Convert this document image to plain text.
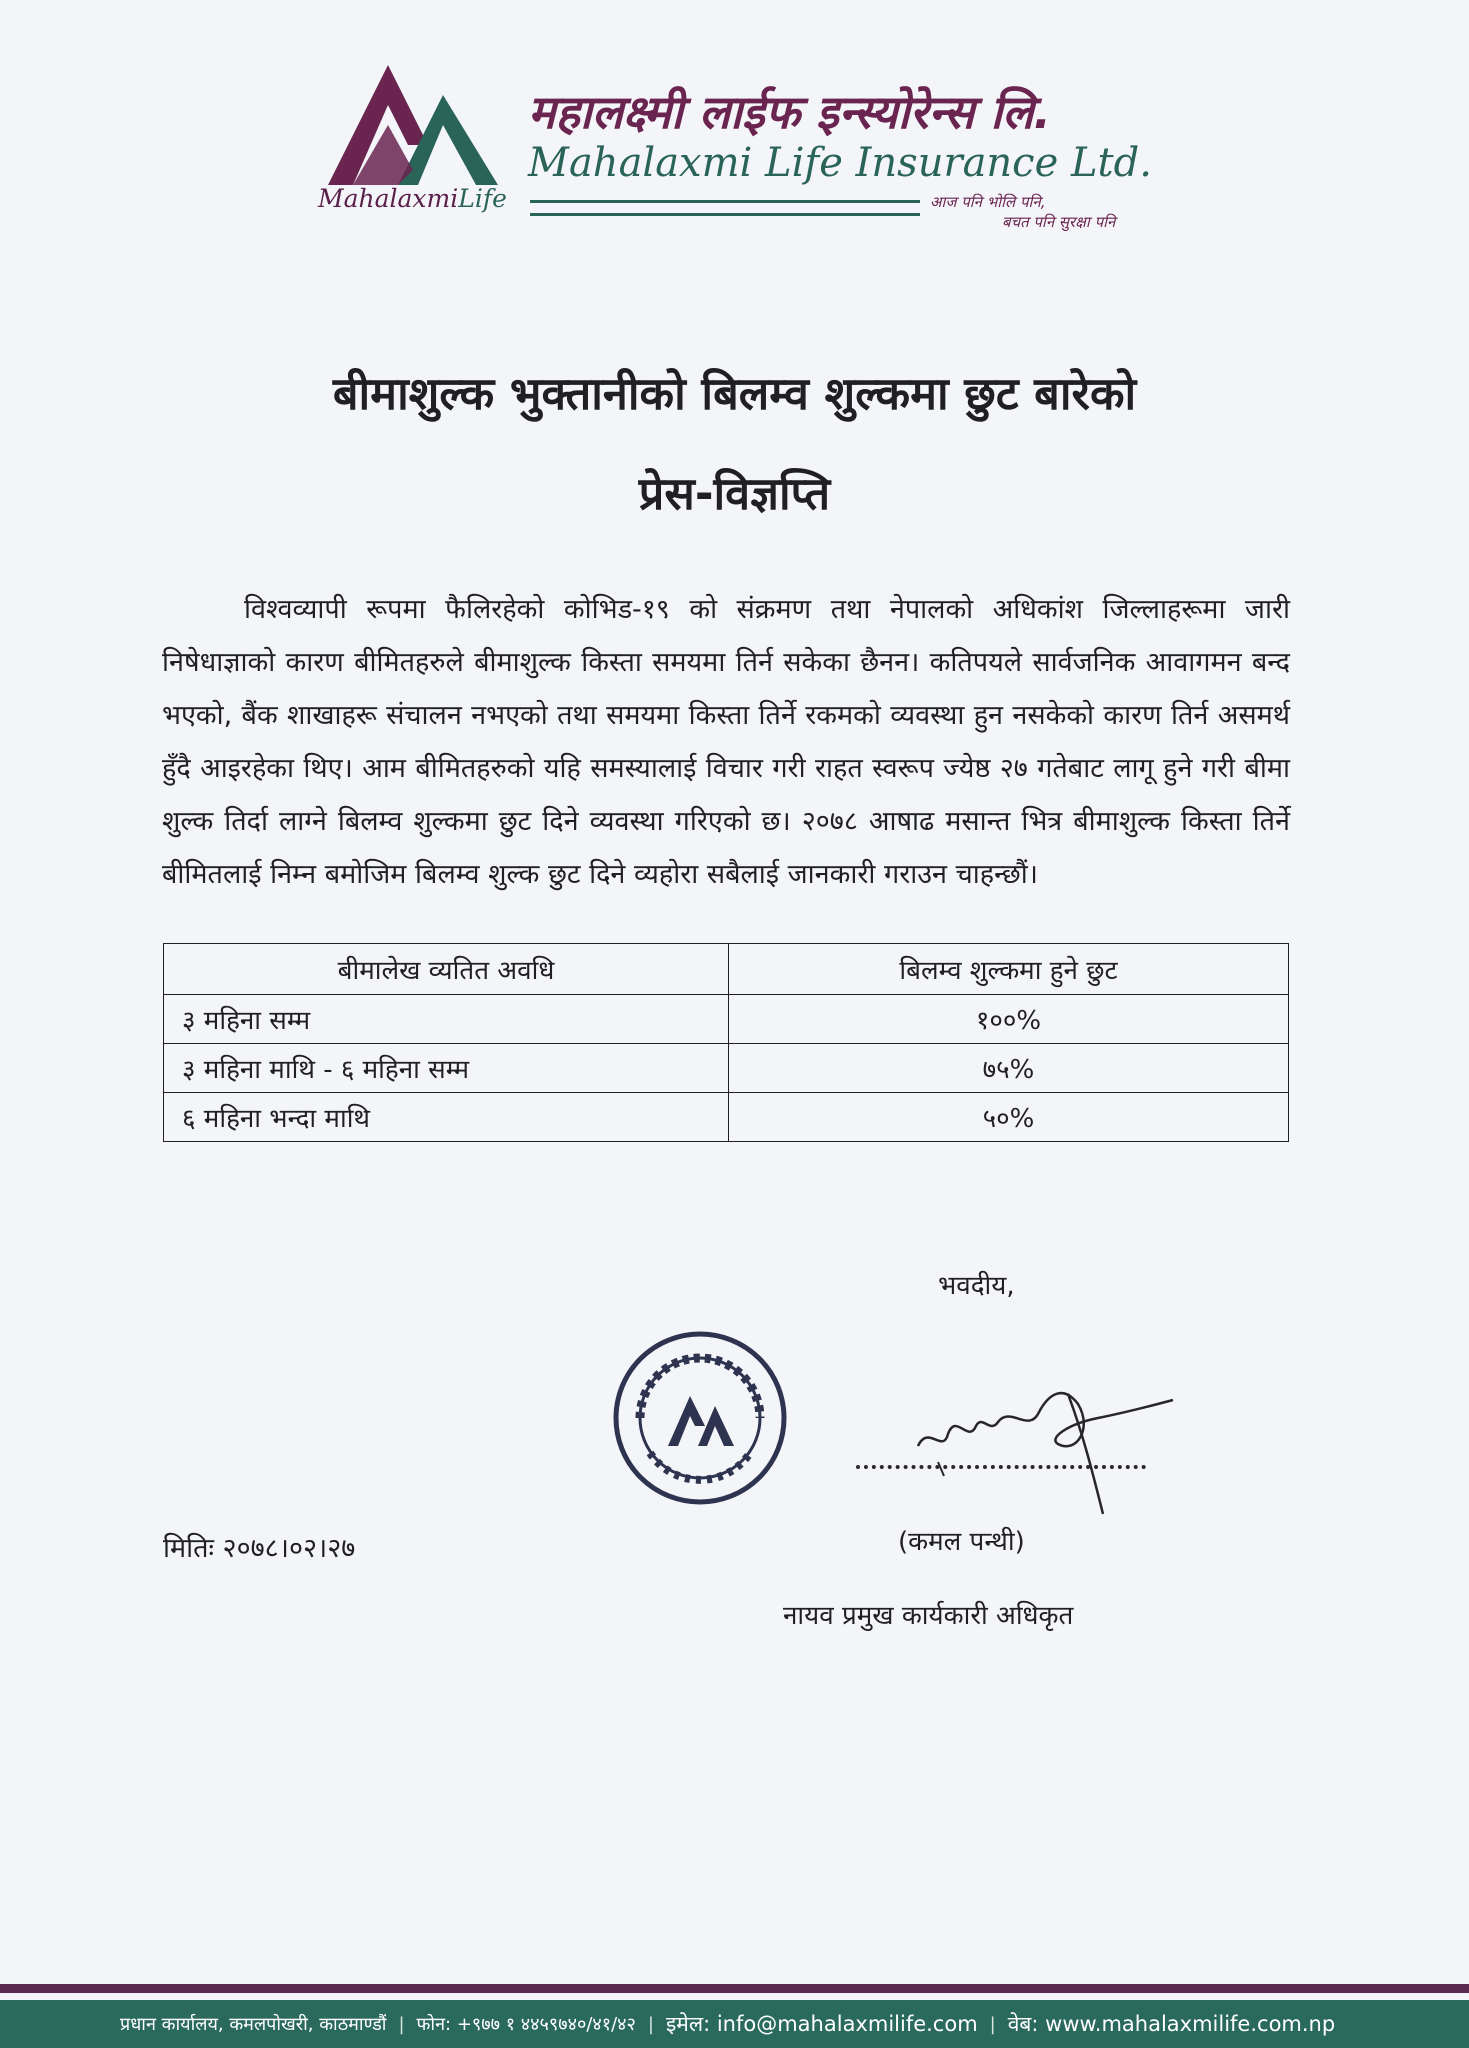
MahalaxmiLife
महालक्ष्मी लाईफ इन्स्योरेन्स लि.
Mahalaxmi Life Insurance Ltd.
आज पनि भोलि पनि,
बचत पनि सुरक्षा पनि
बीमाशुल्क भुक्तानीको बिलम्व शुल्कमा छुट बारेको
प्रेस-विज्ञप्ति

विश्वव्यापी रूपमा फैलिरहेको कोभिड-१९ को संक्रमण तथा नेपालको अधिकांश जिल्लाहरूमा जारी निषेधाज्ञाको कारण बीमितहरुले बीमाशुल्क किस्ता समयमा तिर्न सकेका छैनन। कतिपयले सार्वजनिक आवागमन बन्द भएको, बैंक शाखाहरू संचालन नभएको तथा समयमा किस्ता तिर्ने रकमको व्यवस्था हुन नसकेको कारण तिर्न असमर्थ हुँदै आइरहेका थिए। आम बीमितहरुको यहि समस्यालाई विचार गरी राहत स्वरूप ज्येष्ठ २७ गतेबाट लागू हुने गरी बीमा शुल्क तिर्दा लाग्ने बिलम्व शुल्कमा छुट दिने व्यवस्था गरिएको छ। २०७८ आषाढ मसान्त भित्र बीमाशुल्क किस्ता तिर्ने बीमितलाई निम्न बमोजिम बिलम्व शुल्क छुट दिने व्यहोरा सबैलाई जानकारी गराउन चाहन्छौं।

बीमालेख व्यतित अवधि	बिलम्व शुल्कमा हुने छुट
३ महिना सम्म	१००%
३ महिना माथि - ६ महिना सम्म	७५%
६ महिना भन्दा माथि	५०%
भवदीय,
(कमल पन्थी)
नायव प्रमुख कार्यकारी अधिकृत
मितिः २०७८।०२।२७
प्रधान कार्यालय, कमलपोखरी, काठमाण्डौं | फोन: +९७७ १ ४४५९७४०/४१/४२ | इमेल: info@mahalaxmilife.com | वेब: www.mahalaxmilife.com.np
